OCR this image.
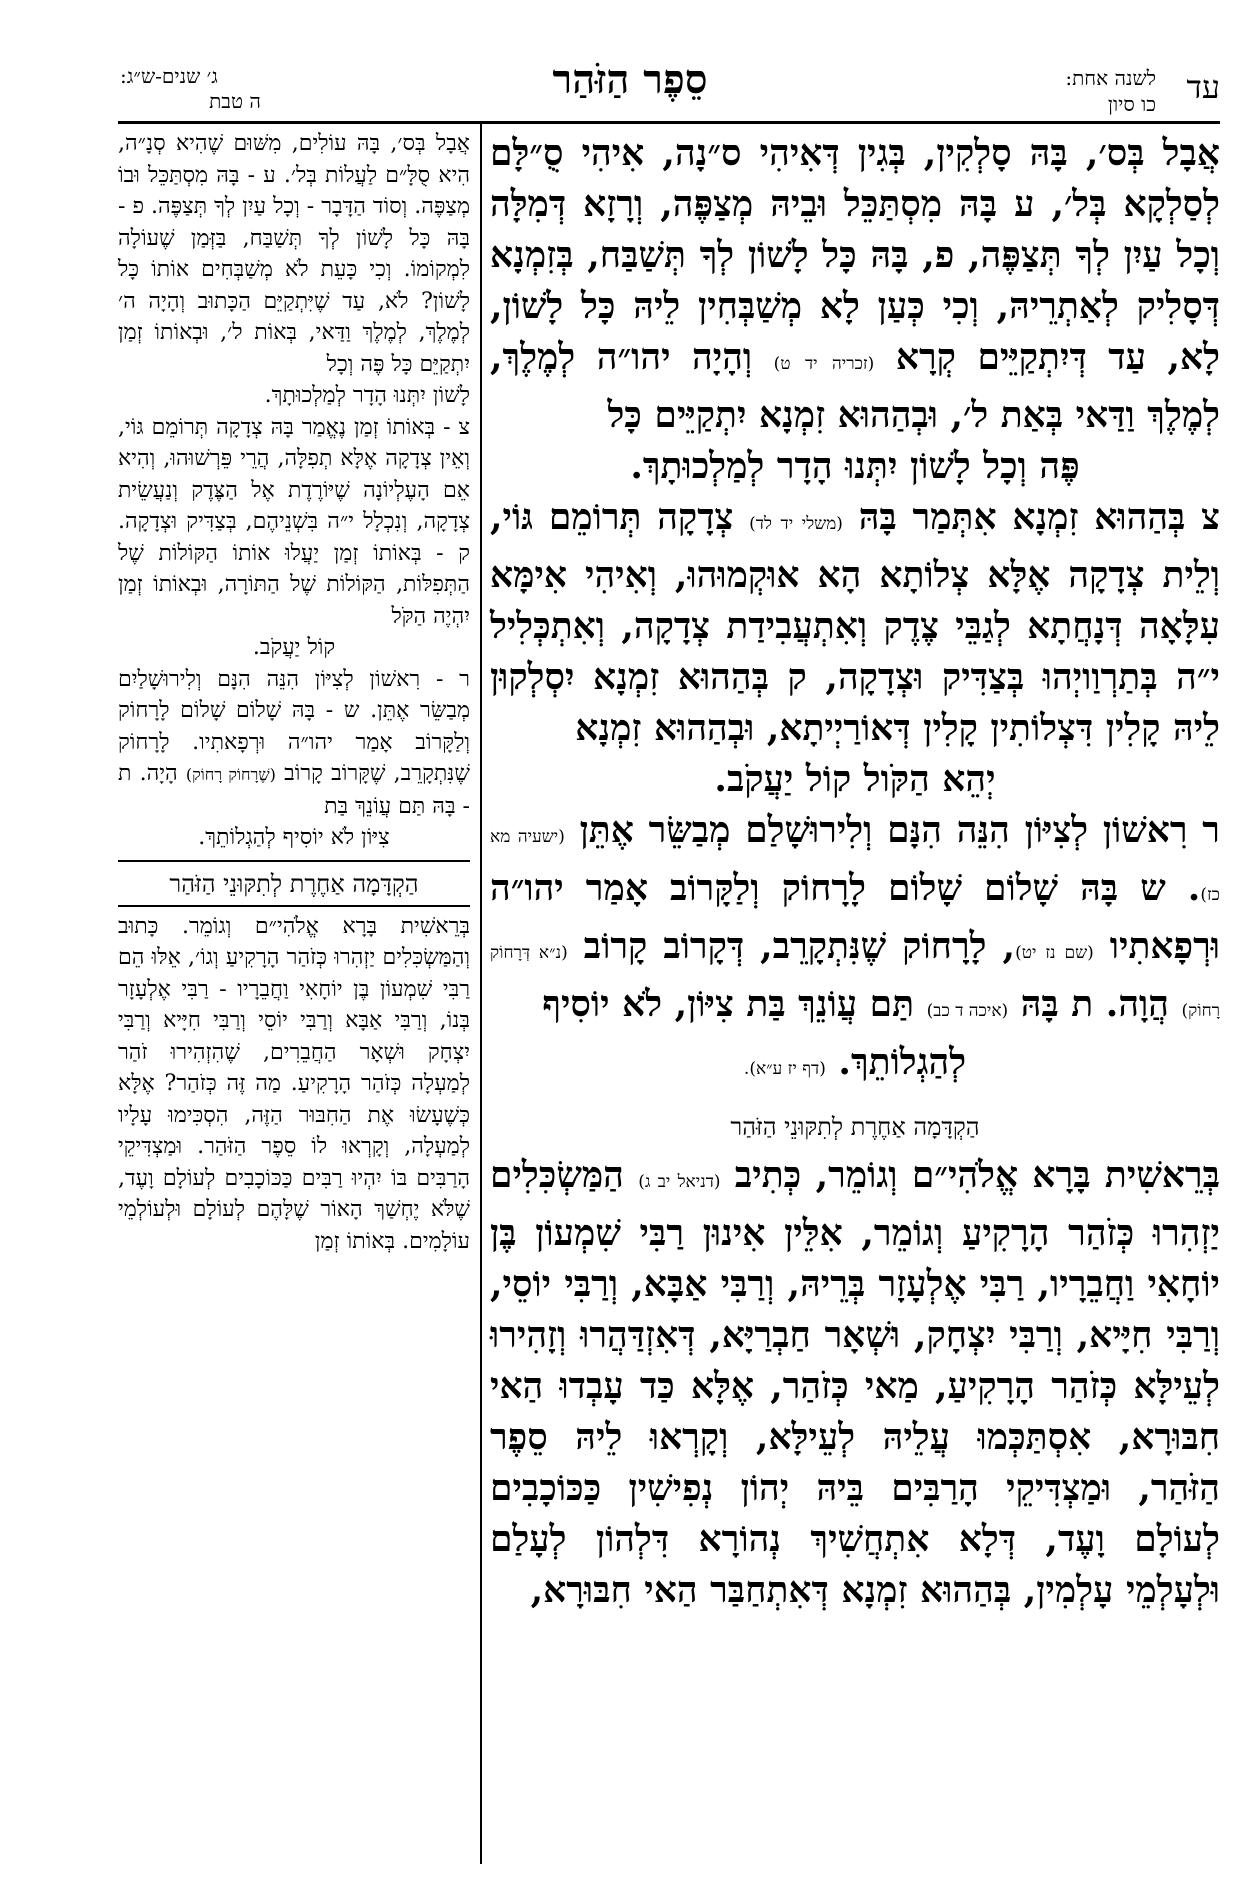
עד
לשנה אחת:
כו סיון
סֵפֶר הַזֹּהַר
ג׳ שנים-ש״ג:
ה טבת

אֲבָל בְּס׳, בָּהּ סָלְקִין, בְּגִין דְּאִיהִי ס״נָה, אִיהִי סֻ״לָּם לְסַלְקָא בְּל׳, ע בָּהּ מִסְתַּכֵּל וּבֵיהּ מְצַפֶּה, וְרָזָא דְּמִלָּה וְכָל עַיִן לְךָ תְּצַפֶּה, פ, בָּהּ כָּל לָשׁוֹן לְךָ תְּשַׁבַּח, בְּזִמְנָא דְּסָלִיק לְאַתְרֵיהּ, וְכִי כְּעַן לָא מְשַׁבְּחִין לֵיהּ כָּל לָשׁוֹן, לָא, עַד דְּיִתְקַיֵּים קְרָא (זכריה יד ט) וְהָיָה יהו״ה לְמֶלֶךְ, לְמֶלֶךְ וַדַּאי בְּאַת ל׳, וּבְהַהוּא זִמְנָא יִתְקַיֵּים כָּל

פֶּה וְכָל לָשׁוֹן יִתְּנוּ הָדָר לְמַלְכוּתָךְ.

צ בְּהַהוּא זִמְנָא אִתְּמַר בָּהּ (משלי יד לד) צְדָקָה תְּרוֹמֵם גּוֹי, וְלֵית צְדָקָה אֶלָּא צְלוֹתָא הָא אוּקְמוּהוּ, וְאִיהִי אִימָּא עִלָּאָה דְּנָחֲתָא לְגַבֵּי צֶדֶק וְאִתְעֲבִידַת צְדָקָה, וְאִתְכְּלִיל י״ה בְּתַרְוַויְהוּ בְּצַדִּיק וּצְדָקָה, ק בְּהַהוּא זִמְנָא יִסְלְקוּן לֵיהּ קָלִין דִּצְלוֹתִין קָלִין דְּאוֹרַיְיתָא, וּבְהַהוּא זִמְנָא

יְהֵא הַקֹּול קוֹל יַעֲקֹב.

ר רִאשׁוֹן לְצִיּוֹן הִנֵּה הִנָּם וְלִירוּשָׁלַם מְבַשֵּׂר אֶתֵּן (ישעיה מא כז). ש בָּהּ שָׁלוֹם שָׁלוֹם לָרָחוֹק וְלַקָּרוֹב אָמַר יהו״ה וּרְפָאתִיו (שם נז יט), לָרָחוֹק שֶׁנִּתְקָרֵב, דְּקָרוֹב קָרוֹב (נ״א דְּרָחוֹק רָחוֹק) הֲוָה. ת בָּהּ (איכה ד כב) תַּם עֲוֹנֵךְ בַּת צִיּוֹן, לֹא יוֹסִיף

לְהַגְלוֹתֵךְ. (דף יז ע״א).

הַקְדָּמָה אַחֶרֶת לְתִקּוּנֵי הַזֹּהַר

בְּרֵאשִׁית בָּרָא אֱלֹהִי״ם וְגוֹמֵר, כְּתִיב (דניאל יב ג) הַמַּשְׂכִּלִים יַזְהִרוּ כְּזֹהַר הָרָקִיעַ וְגוֹמֵר, אִלֵּין אִינוּן רַבִּי שִׁמְעוֹן בֶּן יוֹחָאִי וַחֲבֵרָיו, רַבִּי אֶלְעָזָר בְּרֵיהּ, וְרַבִּי אַבָּא, וְרַבִּי יוֹסֵי, וְרַבִּי חִיָּיא, וְרַבִּי יִצְחָק, וּשְׁאָר חַבְרַיָּא, דְּאִזְדַּהֲרוּ וְזָהִירוּ לְעֵילָּא כְּזֹהַר הָרָקִיעַ, מַאי כְּזֹהַר, אֶלָּא כַּד עָבְדוּ הַאי חִבּוּרָא, אִסְתַּכְּמוּ עֲלֵיהּ לְעֵילָּא, וְקָרְאוּ לֵיהּ סֵפֶר הַזֹּהַר, וּמַצְדִּיקֵי הָרַבִּים בֵּיהּ יְהוֹן נְפִישִׁין כַּכּוֹכָבִים לְעוֹלָם וָעֶד, דְּלָא אִתְחֲשִׁיךְ נְהוֹרָא דִּלְהוֹן לְעָלַם וּלְעָלְמֵי עָלְמִין, בְּהַהוּא זִמְנָא דְּאִתְחַבַּר הַאי חִבּוּרָא,

אֲבָל בְּס׳, בָּהּ עוֹלִים, מִשּׁוּם שֶׁהִיא סְנָ״ה, הִיא סֻלָּ״ם לַעֲלוֹת בְּל׳. ע - בָּהּ מִסְתַּכֵּל וּבוֹ מְצַפֶּה. וְסוֹד הַדָּבָר - וְכָל עַיִן לְךָ תְּצַפֶּה. פ - בָּהּ כָּל לָשׁוֹן לְךָ תְּשַׁבַּח, בַּזְּמַן שֶׁעוֹלָה לִמְקוֹמוֹ. וְכִי כָּעֵת לֹא מְשַׁבְּחִים אוֹתוֹ כָּל לָשׁוֹן? לֹא, עַד שֶׁיִּתְקַיֵּם הַכָּתוּב וְהָיָה ה׳ לְמֶלֶךְ, לְמֶלֶךְ וַדַּאי, בְּאוֹת ל׳, וּבְאוֹתוֹ זְמַן יִתְקַיֵּם כָּל פֶּה וְכָל

לָשׁוֹן יִתְּנוּ הָדָר לְמַלְכוּתָךְ.

צ - בְּאוֹתוֹ זְמַן נֶאֱמַר בָּהּ צְדָקָה תְּרוֹמֵם גּוֹי, וְאֵין צְדָקָה אֶלָּא תְפִלָּה, הֲרֵי פֵּרְשׁוּהוּ, וְהִיא אֵם הָעֶלְיוֹנָה שֶׁיּוֹרֶדֶת אֶל הַצֶּדֶק וְנַעֲשֵׂית צְדָקָה, וְנִכְלָל י״ה בִּשְׁנֵיהֶם, בְּצַדִּיק וּצְדָקָה. ק - בְּאוֹתוֹ זְמַן יַעֲלוּ אוֹתוֹ הַקּוֹלוֹת שֶׁל הַתְּפִלּוֹת, הַקּוֹלוֹת שֶׁל הַתּוֹרָה, וּבְאוֹתוֹ זְמַן יִהְיֶה הַקֹּל

קוֹל יַעֲקֹב.

ר - רִאשׁוֹן לְצִיּוֹן הִנֵּה הִנָּם וְלִירוּשָׁלַיִם מְבַשֵּׂר אֶתֵּן. ש - בָּהּ שָׁלוֹם שָׁלוֹם לָרָחוֹק וְלַקָּרוֹב אָמַר יהו״ה וּרְפָאתִיו. לָרָחוֹק שֶׁנִּתְקָרֵב, שֶׁקָּרוֹב קָרוֹב (שֶׁרָחוֹק רָחוֹק) הָיָה. ת - בָּהּ תַּם עֲוֹנֵךְ בַּת

צִיּוֹן לֹא יוֹסִיף לְהַגְלוֹתֵךְ.

הַקְדָּמָה אַחֶרֶת לְתִקּוּנֵי הַזֹּהַר

בְּרֵאשִׁית בָּרָא אֱלֹהִי״ם וְגוֹמֵר. כָּתוּב וְהַמַּשְׂכִּלִים יַזְהִרוּ כְּזֹהַר הָרָקִיעַ וְגוֹ׳, אֵלּוּ הֵם רַבִּי שִׁמְעוֹן בֶּן יוֹחָאִי וַחֲבֵרָיו - רַבִּי אֶלְעָזָר בְּנוֹ, וְרַבִּי אַבָּא וְרַבִּי יוֹסֵי וְרַבִּי חִיָּיא וְרַבִּי יִצְחָק וּשְׁאָר הַחֲבֵרִים, שֶׁהִזְהִירוּ זֹהַר לְמַעְלָה כְּזֹהַר הָרָקִיעַ. מַה זֶּה כְּזֹהַר? אֶלָּא כְּשֶׁעָשׂוּ אֶת הַחִבּוּר הַזֶּה, הִסְכִּימוּ עָלָיו לְמַעְלָה, וְקָרְאוּ לוֹ סֵפֶר הַזֹּהַר. וּמַצְדִּיקֵי הָרַבִּים בּוֹ יִהְיוּ רַבִּים כַּכּוֹכָבִים לְעוֹלָם וָעֶד, שֶׁלֹּא יֶחְשַׁךְ הָאוֹר שֶׁלָּהֶם לְעוֹלָם וּלְעוֹלְמֵי עוֹלָמִים. בְּאוֹתוֹ זְמַן
